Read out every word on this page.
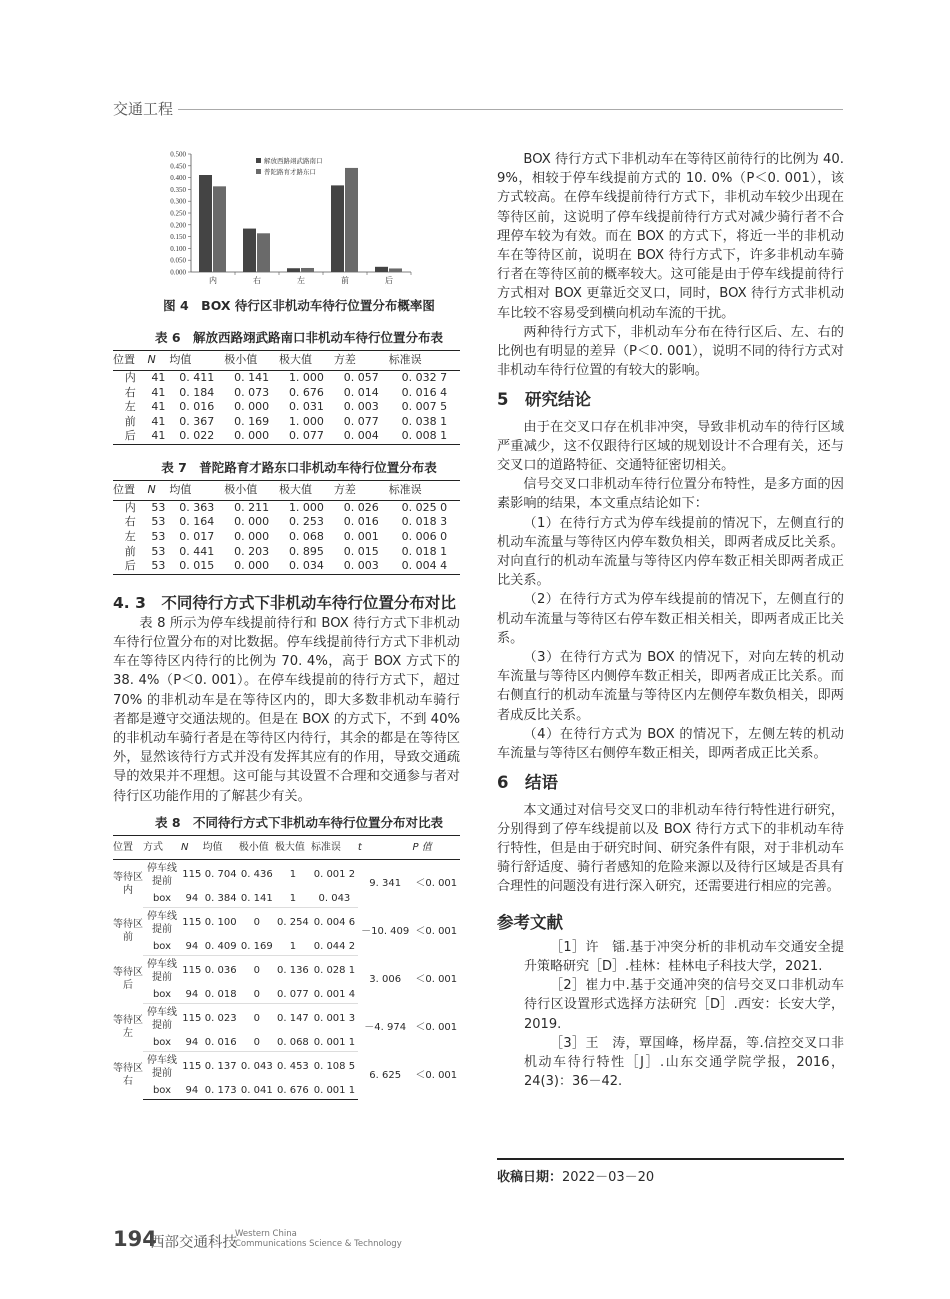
交通工程
0.000
0.050
0.100
0.150
0.200
0.250
0.300
0.350
0.400
0.450
0.500
内	右	左	前	后
解放西路翊武路南口
普陀路育才路东口

图 4　BOX 待行区非机动车待行位置分布概率图

表 6　解放西路翊武路南口非机动车待行位置分布表

位置	N	均值	极小值	极大值	方差	标准误
内	41	0. 411	0. 141	1. 000	0. 057	0. 032 7
右	41	0. 184	0. 073	0. 676	0. 014	0. 016 4
左	41	0. 016	0. 000	0. 031	0. 003	0. 007 5
前	41	0. 367	0. 169	1. 000	0. 077	0. 038 1
后	41	0. 022	0. 000	0. 077	0. 004	0. 008 1

表 7　普陀路育才路东口非机动车待行位置分布表

位置	N	均值	极小值	极大值	方差	标准误
内	53	0. 363	0. 211	1. 000	0. 026	0. 025 0
右	53	0. 164	0. 000	0. 253	0. 016	0. 018 3
左	53	0. 017	0. 000	0. 068	0. 001	0. 006 0
前	53	0. 441	0. 203	0. 895	0. 015	0. 018 1
后	53	0. 015	0. 000	0. 034	0. 003	0. 004 4
4. 3　不同待行方式下非机动车待行位置分布对比

表 8 所示为停车线提前待行和 BOX 待行方式下非机动车待行位置分布的对比数据。停车线提前待行方式下非机动车在等待区内待行的比例为 70. 4%，高于 BOX 方式下的 38. 4%（P＜0. 001）。在停车线提前的待行方式下，超过 70% 的非机动车是在等待区内的，即大多数非机动车骑行者都是遵守交通法规的。但是在 BOX 的方式下，不到 40% 的非机动车骑行者是在等待区内待行，其余的都是在等待区外，显然该待行方式并没有发挥其应有的作用，导致交通疏导的效果并不理想。这可能与其设置不合理和交通参与者对待行区功能作用的了解甚少有关。

表 8　不同待行方式下非机动车待行位置分布对比表

位置	方式	N	均值	极小值	极大值	标准误	t	P 值
等待区内	停车线提前	115	0. 704	0. 436	1	0. 001 2	9. 341	＜0. 001
	box	94	0. 384	0. 141	1	0. 043		
等待区前	停车线提前	115	0. 100	0	0. 254	0. 004 6	－10. 409	＜0. 001
	box	94	0. 409	0. 169	1	0. 044 2		
等待区后	停车线提前	115	0. 036	0	0. 136	0. 028 1	3. 006	＜0. 001
	box	94	0. 018	0	0. 077	0. 001 4		
等待区左	停车线提前	115	0. 023	0	0. 147	0. 001 3	－4. 974	＜0. 001
	box	94	0. 016	0	0. 068	0. 001 1		
等待区右	停车线提前	115	0. 137	0. 043	0. 453	0. 108 5	6. 625	＜0. 001
	box	94	0. 173	0. 041	0. 676	0. 001 1		

BOX 待行方式下非机动车在等待区前待行的比例为 40. 9%，相较于停车线提前方式的 10. 0%（P＜0. 001），该方式较高。在停车线提前待行方式下，非机动车较少出现在等待区前，这说明了停车线提前待行方式对减少骑行者不合理停车较为有效。而在 BOX 的方式下，将近一半的非机动车在等待区前，说明在 BOX 待行方式下，许多非机动车骑行者在等待区前的概率较大。这可能是由于停车线提前待行方式相对 BOX 更靠近交叉口，同时，BOX 待行方式非机动车比较不容易受到横向机动车流的干扰。

两种待行方式下，非机动车分布在待行区后、左、右的比例也有明显的差异（P＜0. 001），说明不同的待行方式对非机动车待行位置的有较大的影响。

5　研究结论

由于在交叉口存在机非冲突，导致非机动车的待行区域严重减少，这不仅跟待行区域的规划设计不合理有关，还与交叉口的道路特征、交通特征密切相关。

信号交叉口非机动车待行位置分布特性，是多方面的因素影响的结果，本文重点结论如下：

（1）在待行方式为停车线提前的情况下，左侧直行的机动车流量与等待区内停车数负相关，即两者成反比关系。对向直行的机动车流量与等待区内停车数正相关即两者成正比关系。

（2）在待行方式为停车线提前的情况下，左侧直行的机动车流量与等待区右停车数正相关相关，即两者成正比关系。

（3）在待行方式为 BOX 的情况下，对向左转的机动车流量与等待区内侧停车数正相关，即两者成正比关系。而右侧直行的机动车流量与等待区内左侧停车数负相关，即两者成反比关系。

（4）在待行方式为 BOX 的情况下，左侧左转的机动车流量与等待区右侧停车数正相关，即两者成正比关系。

6　结语

本文通过对信号交叉口的非机动车待行特性进行研究，分别得到了停车线提前以及 BOX 待行方式下的非机动车待行特性，但是由于研究时间、研究条件有限，对于非机动车骑行舒适度、骑行者感知的危险来源以及待行区域是否具有合理性的问题没有进行深入研究，还需要进行相应的完善。

参考文献

［1］许　镭.基于冲突分析的非机动车交通安全提升策略研究［D］.桂林：桂林电子科技大学，2021.

［2］崔力中.基于交通冲突的信号交叉口非机动车待行区设置形式选择方法研究［D］.西安：长安大学，2019.

［3］王　涛，覃国峰，杨岸磊，等.信控交叉口非机动车待行特性［J］.山东交通学院学报，2016，24(3)：36－42.

收稿日期：2022－03－20
194
西部交通科技
Western China
Communications Science & Technology
